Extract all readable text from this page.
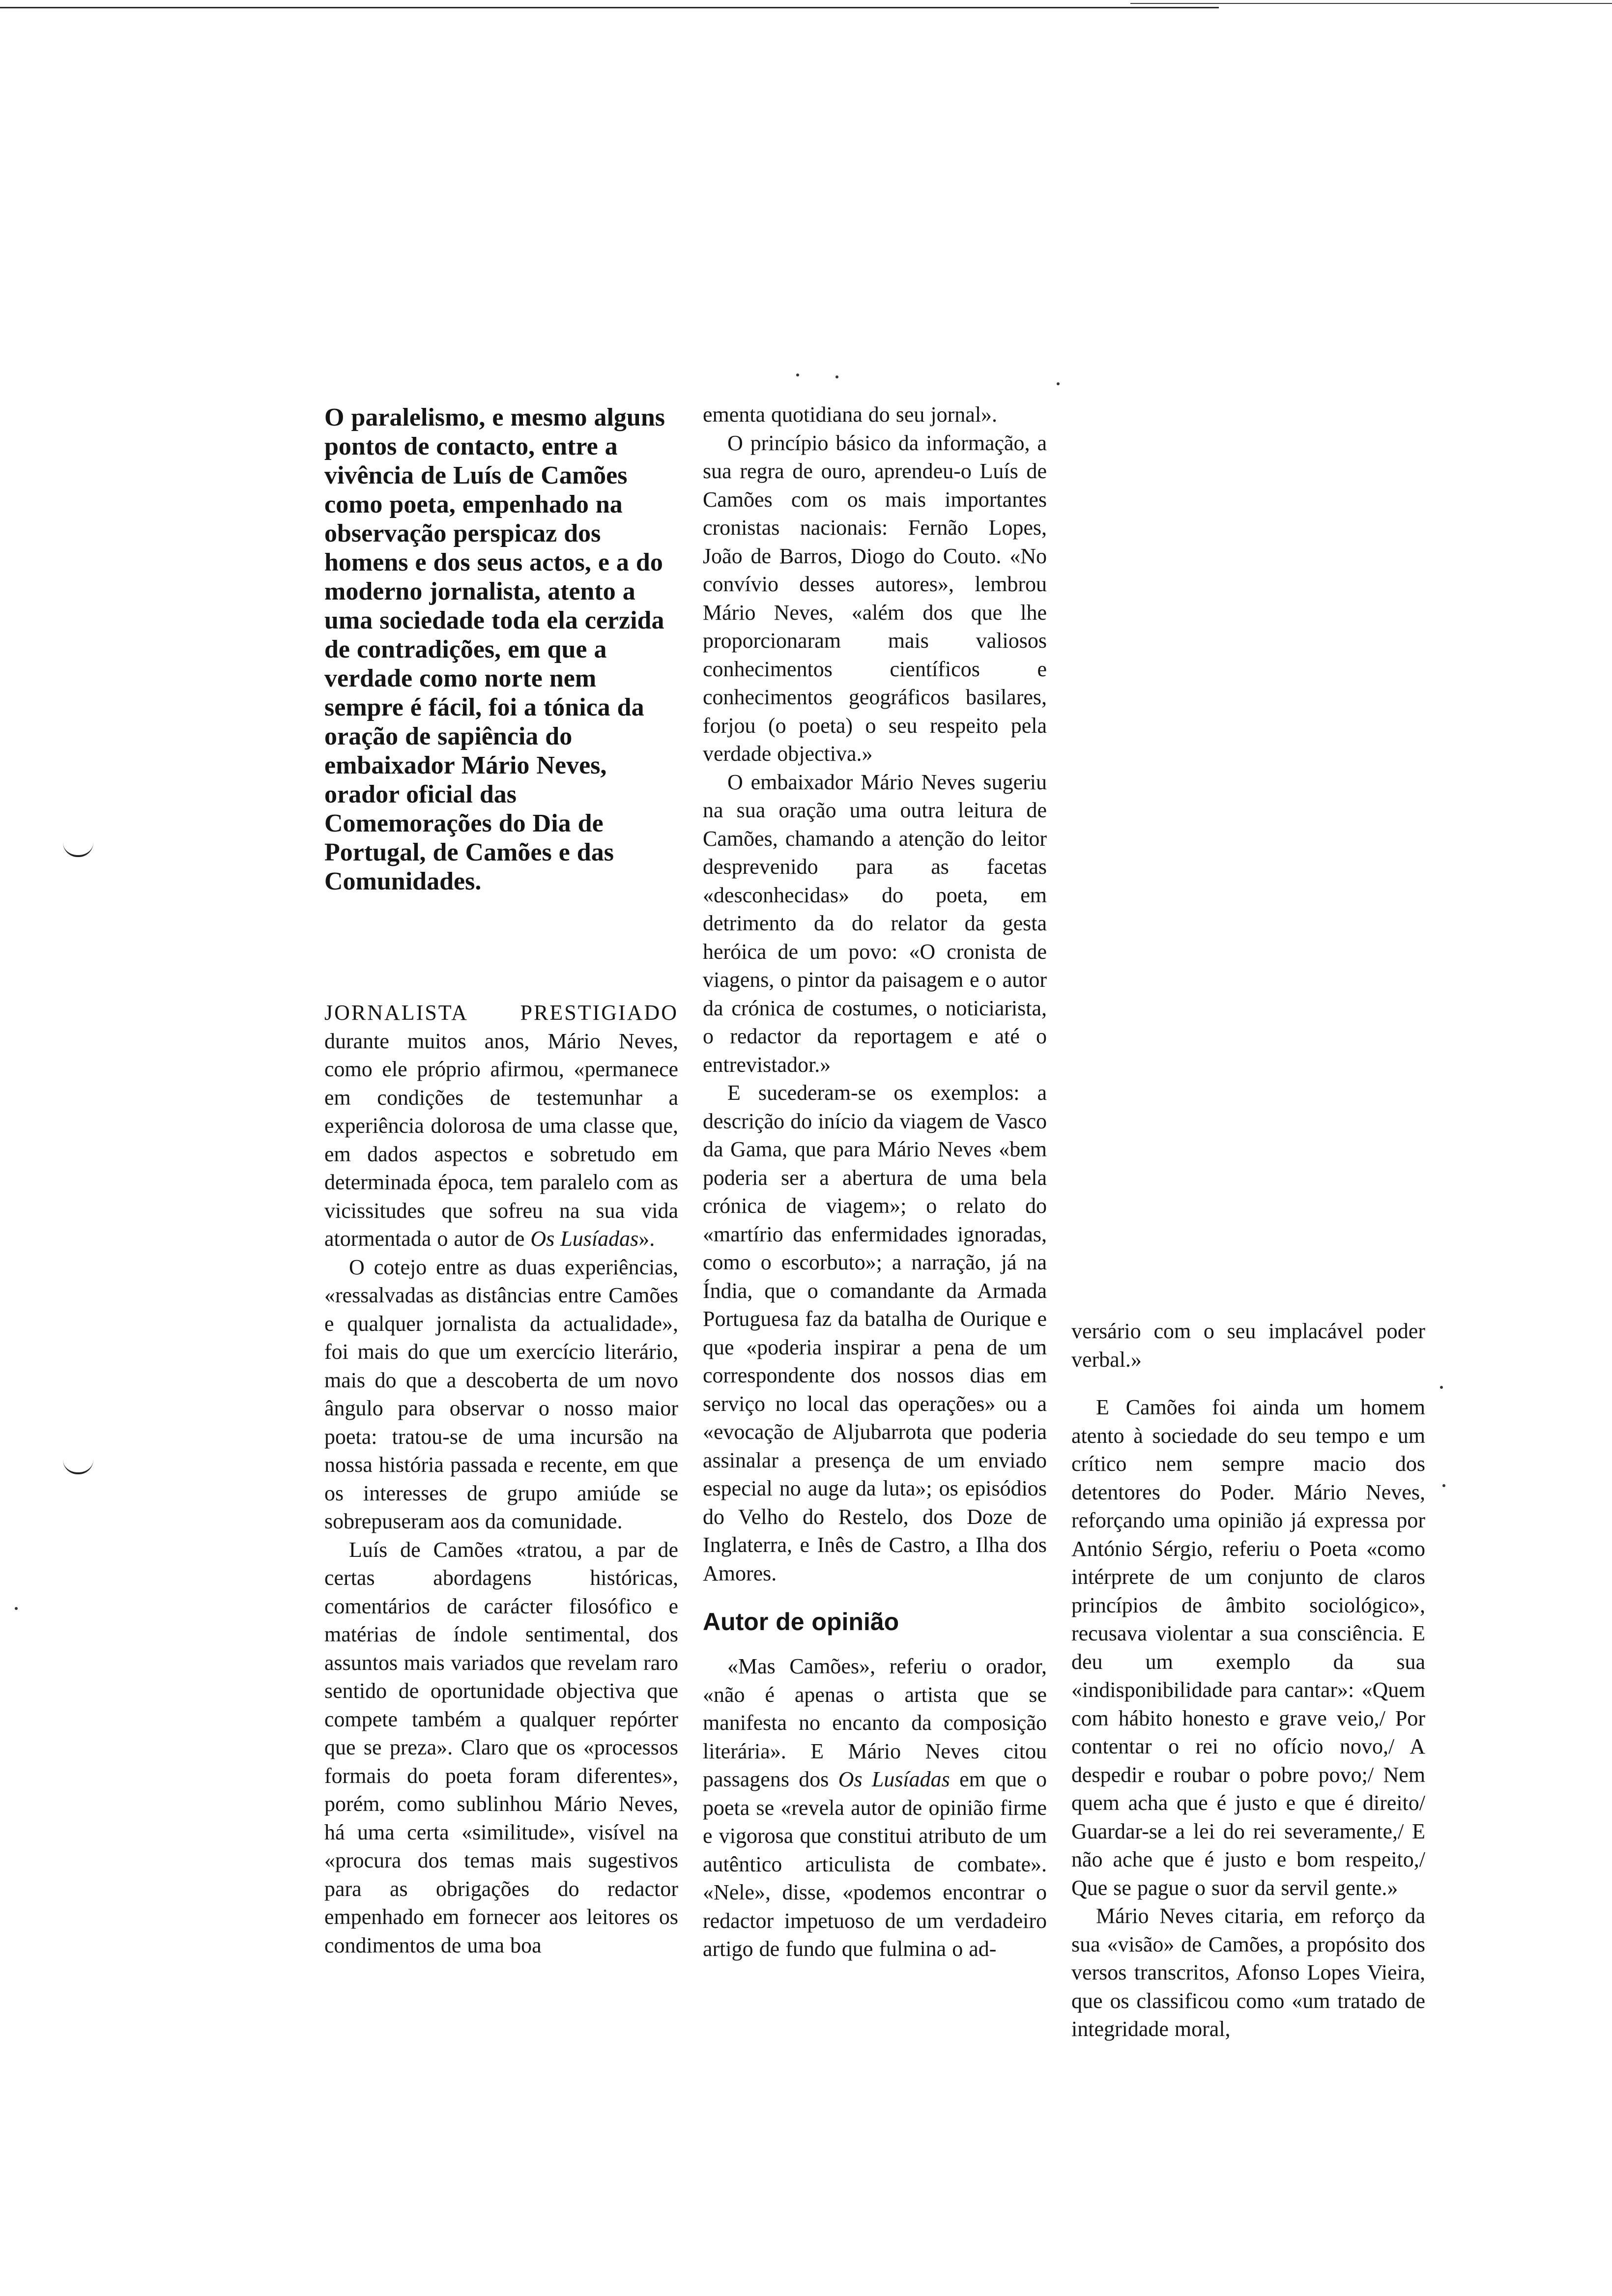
O paralelismo, e mesmo alguns pontos de contacto, entre a vivência de Luís de Camões como poeta, empenhado na observação perspicaz dos homens e dos seus actos, e a do moderno jornalista, atento a uma sociedade toda ela cerzida de contradições, em que a verdade como norte nem sempre é fácil, foi a tónica da oração de sapiência do embaixador Mário Neves, orador oficial das Comemorações do Dia de Portugal, de Camões e das Comunidades.

JORNALISTA PRESTIGIADO durante muitos anos, Mário Neves, como ele próprio afirmou, «permanece em condições de testemunhar a experiência dolorosa de uma classe que, em dados aspectos e sobretudo em determinada época, tem paralelo com as vicissitudes que sofreu na sua vida atormentada o autor de Os Lusíadas».

O cotejo entre as duas experiências, «ressalvadas as distâncias entre Camões e qualquer jornalista da actualidade», foi mais do que um exercício literário, mais do que a descoberta de um novo ângulo para observar o nosso maior poeta: tratou-se de uma incursão na nossa história passada e recente, em que os interesses de grupo amiúde se sobrepuseram aos da comunidade.

Luís de Camões «tratou, a par de certas abordagens históricas, comentários de carácter filosófico e matérias de índole sentimental, dos assuntos mais variados que revelam raro sentido de oportunidade objectiva que compete também a qualquer repórter que se preza». Claro que os «processos formais do poeta foram diferentes», porém, como sublinhou Mário Neves, há uma certa «similitude», visível na «procura dos temas mais sugestivos para as obrigações do redactor empenhado em fornecer aos leitores os condimentos de uma boa

ementa quotidiana do seu jornal».

O princípio básico da informação, a sua regra de ouro, aprendeu-o Luís de Camões com os mais importantes cronistas nacionais: Fernão Lopes, João de Barros, Diogo do Couto. «No convívio desses autores», lembrou Mário Neves, «além dos que lhe proporcionaram mais valiosos conhecimentos científicos e conhecimentos geográficos basilares, forjou (o poeta) o seu respeito pela verdade objectiva.»

O embaixador Mário Neves sugeriu na sua oração uma outra leitura de Camões, chamando a atenção do leitor desprevenido para as facetas «desconhecidas» do poeta, em detrimento da do relator da gesta heróica de um povo: «O cronista de viagens, o pintor da paisagem e o autor da crónica de costumes, o noticiarista, o redactor da reportagem e até o entrevistador.»

E sucederam-se os exemplos: a descrição do início da viagem de Vasco da Gama, que para Mário Neves «bem poderia ser a abertura de uma bela crónica de viagem»; o relato do «martírio das enfermidades ignoradas, como o escorbuto»; a narração, já na Índia, que o comandante da Armada Portuguesa faz da batalha de Ourique e que «poderia inspirar a pena de um correspondente dos nossos dias em serviço no local das operações» ou a «evocação de Aljubarrota que poderia assinalar a presença de um enviado especial no auge da luta»; os episódios do Velho do Restelo, dos Doze de Inglaterra, e Inês de Castro, a Ilha dos Amores.

Autor de opinião

«Mas Camões», referiu o orador, «não é apenas o artista que se manifesta no encanto da composição literária». E Mário Neves citou passagens dos Os Lusíadas em que o poeta se «revela autor de opinião firme e vigorosa que constitui atributo de um autêntico articulista de combate». «Nele», disse, «podemos encontrar o redactor impetuoso de um verdadeiro artigo de fundo que fulmina o ad-

versário com o seu implacável poder verbal.»

E Camões foi ainda um homem atento à sociedade do seu tempo e um crítico nem sempre macio dos detentores do Poder. Mário Neves, reforçando uma opinião já expressa por António Sérgio, referiu o Poeta «como intérprete de um conjunto de claros princípios de âmbito sociológico», recusava violentar a sua consciência. E deu um exemplo da sua «indisponibilidade para cantar»: «Quem com hábito honesto e grave veio,/ Por contentar o rei no ofício novo,/ A despedir e roubar o pobre povo;/ Nem quem acha que é justo e que é direito/ Guardar-se a lei do rei severamente,/ E não ache que é justo e bom respeito,/ Que se pague o suor da servil gente.»

Mário Neves citaria, em reforço da sua «visão» de Camões, a propósito dos versos transcritos, Afonso Lopes Vieira, que os classificou como «um tratado de integridade moral,
